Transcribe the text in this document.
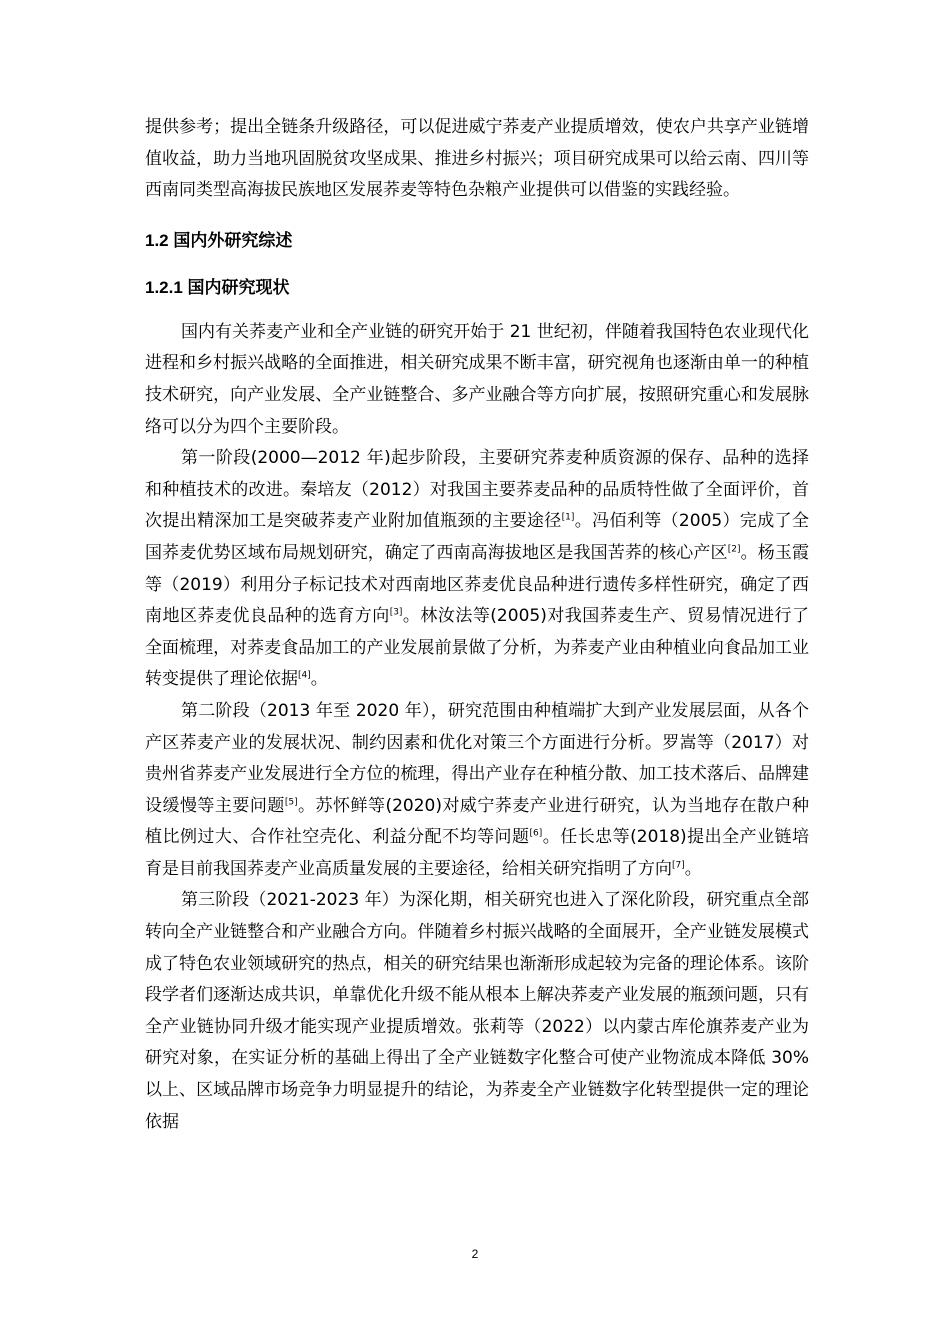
提供参考；提出全链条升级路径，可以促进威宁荞麦产业提质增效，使农户共享产业链增值收益，助力当地巩固脱贫攻坚成果、推进乡村振兴；项目研究成果可以给云南、四川等西南同类型高海拔民族地区发展荞麦等特色杂粮产业提供可以借鉴的实践经验。

1.2 国内外研究综述
1.2.1 国内研究现状

国内有关荞麦产业和全产业链的研究开始于 21 世纪初，伴随着我国特色农业现代化进程和乡村振兴战略的全面推进，相关研究成果不断丰富，研究视角也逐渐由单一的种植技术研究，向产业发展、全产业链整合、多产业融合等方向扩展，按照研究重心和发展脉络可以分为四个主要阶段。

第一阶段(2000—2012 年)起步阶段，主要研究荞麦种质资源的保存、品种的选择和种植技术的改进。秦培友（2012）对我国主要荞麦品种的品质特性做了全面评价，首次提出精深加工是突破荞麦产业附加值瓶颈的主要途径[1]。冯佰利等（2005）完成了全国荞麦优势区域布局规划研究，确定了西南高海拔地区是我国苦荞的核心产区[2]。杨玉霞等（2019）利用分子标记技术对西南地区荞麦优良品种进行遗传多样性研究，确定了西南地区荞麦优良品种的选育方向[3]。林汝法等(2005)对我国荞麦生产、贸易情况进行了全面梳理，对荞麦食品加工的产业发展前景做了分析，为荞麦产业由种植业向食品加工业转变提供了理论依据[4]。

第二阶段（2013 年至 2020 年），研究范围由种植端扩大到产业发展层面，从各个产区荞麦产业的发展状况、制约因素和优化对策三个方面进行分析。罗嵩等（2017）对贵州省荞麦产业发展进行全方位的梳理，得出产业存在种植分散、加工技术落后、品牌建设缓慢等主要问题[5]。苏怀鲜等(2020)对威宁荞麦产业进行研究，认为当地存在散户种植比例过大、合作社空壳化、利益分配不均等问题[6]。任长忠等(2018)提出全产业链培育是目前我国荞麦产业高质量发展的主要途径，给相关研究指明了方向[7]。

第三阶段（2021-2023 年）为深化期，相关研究也进入了深化阶段，研究重点全部转向全产业链整合和产业融合方向。伴随着乡村振兴战略的全面展开，全产业链发展模式成了特色农业领域研究的热点，相关的研究结果也渐渐形成起较为完备的理论体系。该阶段学者们逐渐达成共识，单靠优化升级不能从根本上解决荞麦产业发展的瓶颈问题，只有全产业链协同升级才能实现产业提质增效。张莉等（2022）以内蒙古库伦旗荞麦产业为研究对象，在实证分析的基础上得出了全产业链数字化整合可使产业物流成本降低 30%以上、区域品牌市场竞争力明显提升的结论，为荞麦全产业链数字化转型提供一定的理论依据

2
